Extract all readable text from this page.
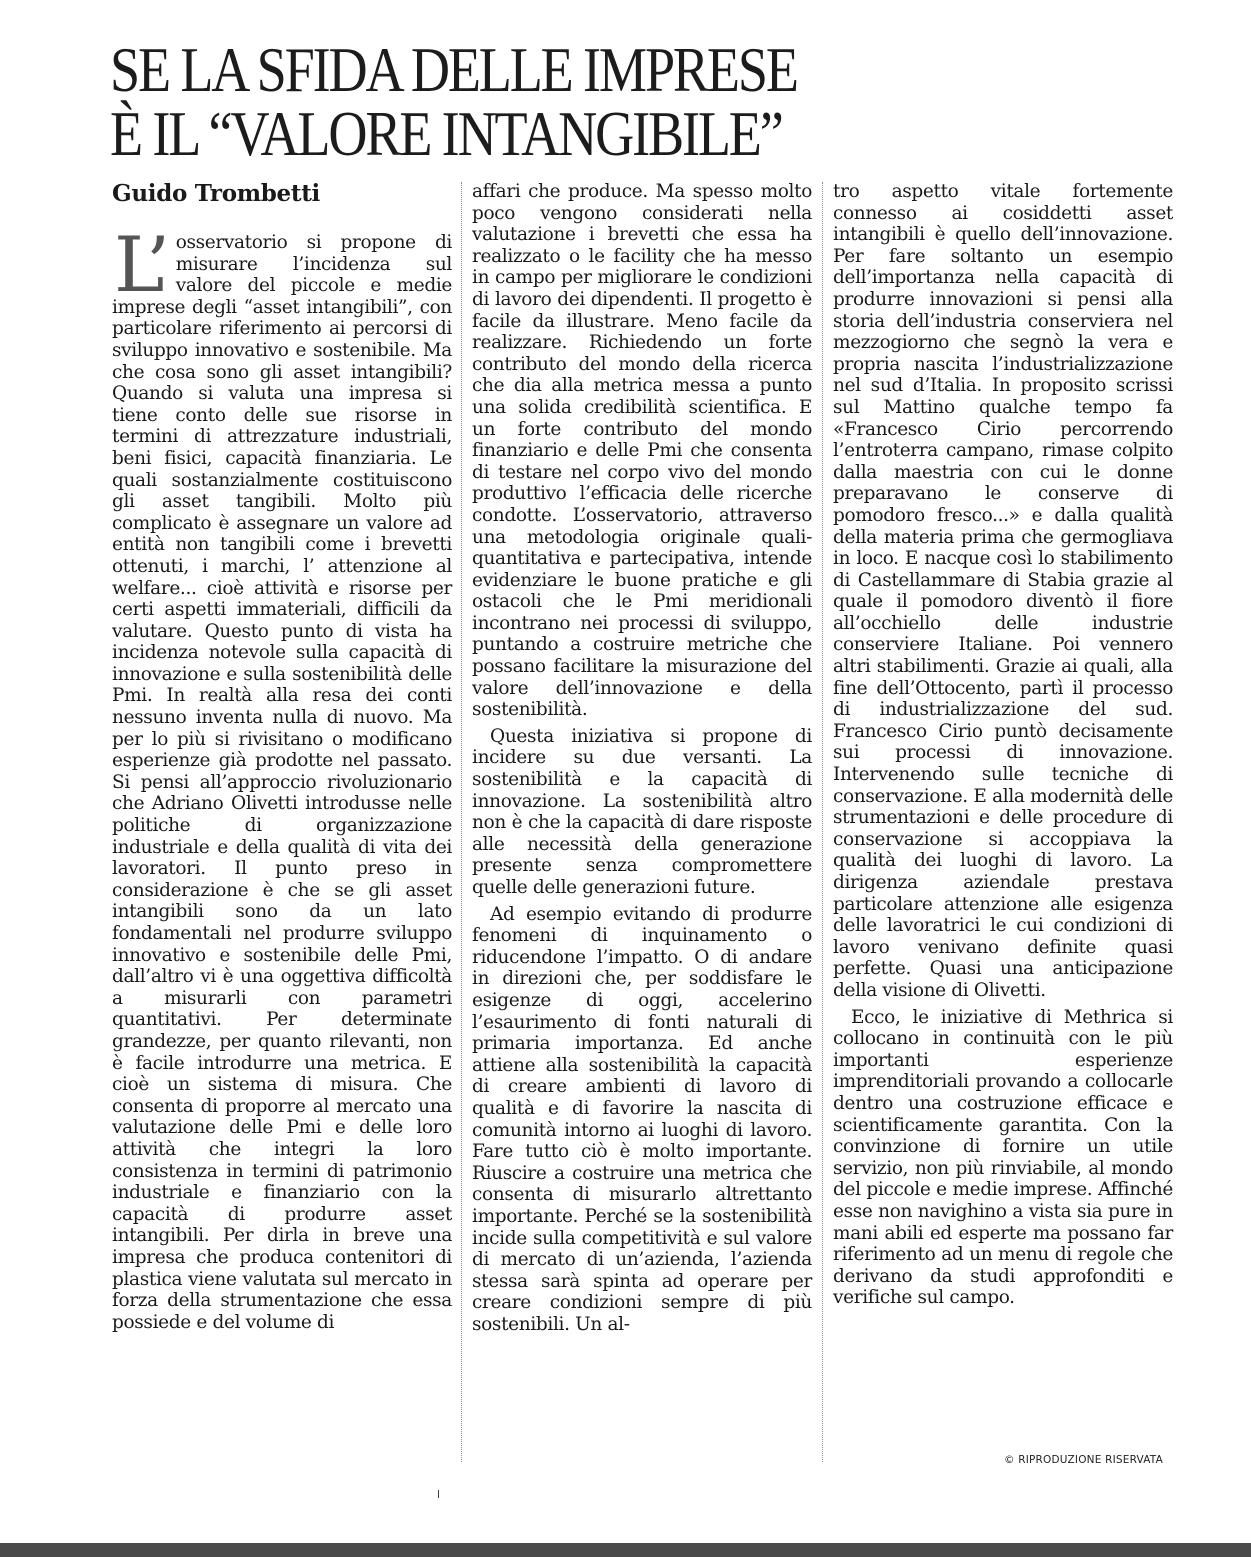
SE LA SFIDA DELLE IMPRESE
È IL “VALORE INTANGIBILE”
Guido Trombetti

L’ osservatorio si propone di misurare l’incidenza sul valore del piccole e medie imprese degli “asset intangibili”, con particolare riferimento ai percorsi di sviluppo innovativo e sostenibile. Ma che cosa sono gli asset intangibili? Quando si valuta una impresa si tiene conto delle sue risorse in termini di attrezzature industriali, beni fisici, capacità finanziaria. Le quali sostanzialmente costituiscono gli asset tangibili. Molto più complicato è assegnare un valore ad entità non tangibili come i brevetti ottenuti, i marchi, l’ attenzione al welfare... cioè attività e risorse per certi aspetti immateriali, difficili da valutare. Questo punto di vista ha incidenza notevole sulla capacità di innovazione e sulla sostenibilità delle Pmi. In realtà alla resa dei conti nessuno inventa nulla di nuovo. Ma per lo più si rivisitano o modificano esperienze già prodotte nel passato. Si pensi all’approccio rivoluzionario che Adriano Olivetti introdusse nelle politiche di organizzazione industriale e della qualità di vita dei lavoratori. Il punto preso in considerazione è che se gli asset intangibili sono da un lato fondamentali nel produrre sviluppo innovativo e sostenibile delle Pmi, dall’altro vi è una oggettiva difficoltà a misurarli con parametri quantitativi. Per determinate grandezze, per quanto rilevanti, non è facile introdurre una metrica. E cioè un sistema di misura. Che consenta di proporre al mercato una valutazione delle Pmi e delle loro attività che integri la loro consistenza in termini di patrimonio industriale e finanziario con la capacità di produrre asset intangibili. Per dirla in breve una impresa che produca contenitori di plastica viene valutata sul mercato in forza della strumentazione che essa possiede e del volume di

affari che produce. Ma spesso molto poco vengono considerati nella valutazione i brevetti che essa ha realizzato o le facility che ha messo in campo per migliorare le condizioni di lavoro dei dipendenti. Il progetto è facile da illustrare. Meno facile da realizzare. Richiedendo un forte contributo del mondo della ricerca che dia alla metrica messa a punto una solida credibilità scientifica. E un forte contributo del mondo finanziario e delle Pmi che consenta di testare nel corpo vivo del mondo produttivo l’efficacia delle ricerche condotte. L’osservatorio, attraverso una metodologia originale quali-quantitativa e partecipativa, intende evidenziare le buone pratiche e gli ostacoli che le Pmi meridionali incontrano nei processi di sviluppo, puntando a costruire metriche che possano facilitare la misurazione del valore dell’innovazione e della sostenibilità.

Questa iniziativa si propone di incidere su due versanti. La sostenibilità e la capacità di innovazione. La sostenibilità altro non è che la capacità di dare risposte alle necessità della generazione presente senza compromettere quelle delle generazioni future.

Ad esempio evitando di produrre fenomeni di inquinamento o riducendone l’impatto. O di andare in direzioni che, per soddisfare le esigenze di oggi, accelerino l’esaurimento di fonti naturali di primaria importanza. Ed anche attiene alla sostenibilità la capacità di creare ambienti di lavoro di qualità e di favorire la nascita di comunità intorno ai luoghi di lavoro. Fare tutto ciò è molto importante. Riuscire a costruire una metrica che consenta di misurarlo altrettanto importante. Perché se la sostenibilità incide sulla competitività e sul valore di mercato di un’azienda, l’azienda stessa sarà spinta ad operare per creare condizioni sempre di più sostenibili. Un al-

tro aspetto vitale fortemente connesso ai cosiddetti asset intangibili è quello dell’innovazione. Per fare soltanto un esempio dell’importanza nella capacità di produrre innovazioni si pensi alla storia dell’industria conserviera nel mezzogiorno che segnò la vera e propria nascita l’industrializzazione nel sud d’Italia. In proposito scrissi sul Mattino qualche tempo fa «Francesco Cirio percorrendo l’entroterra campano, rimase colpito dalla maestria con cui le donne preparavano le conserve di pomodoro fresco...» e dalla qualità della materia prima che germogliava in loco. E nacque così lo stabilimento di Castellammare di Stabia grazie al quale il pomodoro diventò il fiore all’occhiello delle industrie conserviere Italiane. Poi vennero altri stabilimenti. Grazie ai quali, alla fine dell’Ottocento, partì il processo di industrializzazione del sud. Francesco Cirio puntò decisamente sui processi di innovazione. Intervenendo sulle tecniche di conservazione. E alla modernità delle strumentazioni e delle procedure di conservazione si accoppiava la qualità dei luoghi di lavoro. La dirigenza aziendale prestava particolare attenzione alle esigenza delle lavoratrici le cui condizioni di lavoro venivano definite quasi perfette. Quasi una anticipazione della visione di Olivetti.

Ecco, le iniziative di Methrica si collocano in continuità con le più importanti esperienze imprenditoriali provando a collocarle dentro una costruzione efficace e scientificamente garantita. Con la convinzione di fornire un utile servizio, non più rinviabile, al mondo del piccole e medie imprese. Affinché esse non navighino a vista sia pure in mani abili ed esperte ma possano far riferimento ad un menu di regole che derivano da studi approfonditi e verifiche sul campo.

© RIPRODUZIONE RISERVATA
